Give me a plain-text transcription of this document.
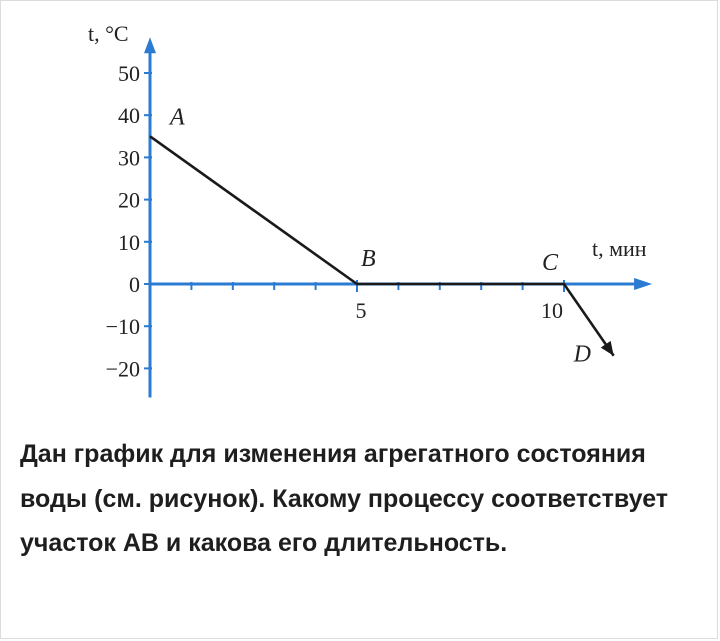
50
40
30
20
10
0
−10
−20
5	10
A
B	C
D
t, °C
t, мин

Дан график для изменения агрегатного состояния воды (см. рисунок). Какому процессу соответствует участок АВ и какова его длительность.
